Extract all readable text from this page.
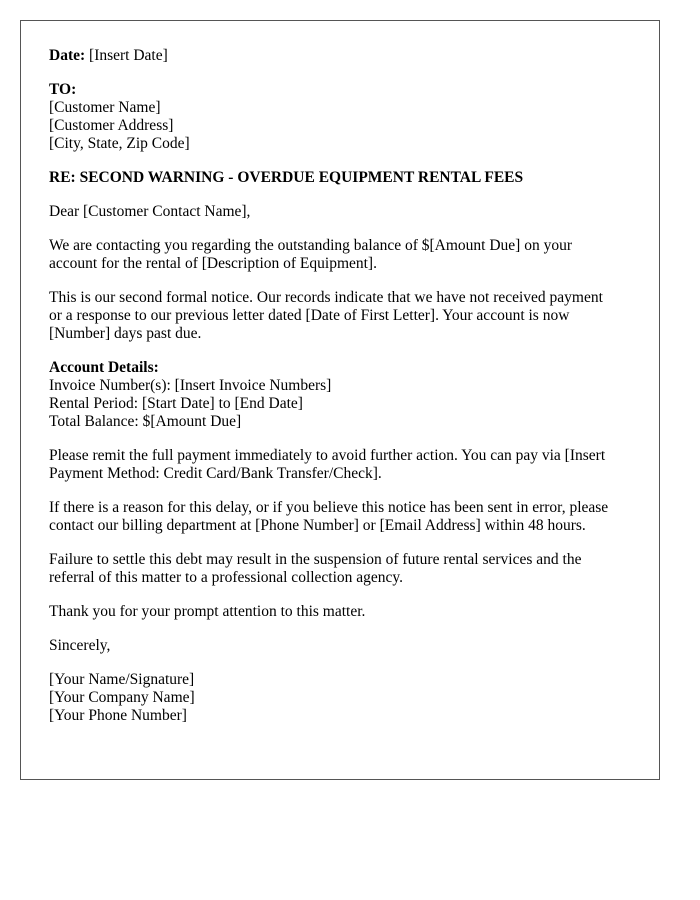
Date: [Insert Date]
TO:
[Customer Name]
[Customer Address]
[City, State, Zip Code]
RE: SECOND WARNING - OVERDUE EQUIPMENT RENTAL FEES
Dear [Customer Contact Name],
We are contacting you regarding the outstanding balance of $[Amount Due] on your
account for the rental of [Description of Equipment].
This is our second formal notice. Our records indicate that we have not received payment
or a response to our previous letter dated [Date of First Letter]. Your account is now
[Number] days past due.
Account Details:
Invoice Number(s): [Insert Invoice Numbers]
Rental Period: [Start Date] to [End Date]
Total Balance: $[Amount Due]
Please remit the full payment immediately to avoid further action. You can pay via [Insert
Payment Method: Credit Card/Bank Transfer/Check].
If there is a reason for this delay, or if you believe this notice has been sent in error, please
contact our billing department at [Phone Number] or [Email Address] within 48 hours.
Failure to settle this debt may result in the suspension of future rental services and the
referral of this matter to a professional collection agency.
Thank you for your prompt attention to this matter.
Sincerely,
[Your Name/Signature]
[Your Company Name]
[Your Phone Number]
